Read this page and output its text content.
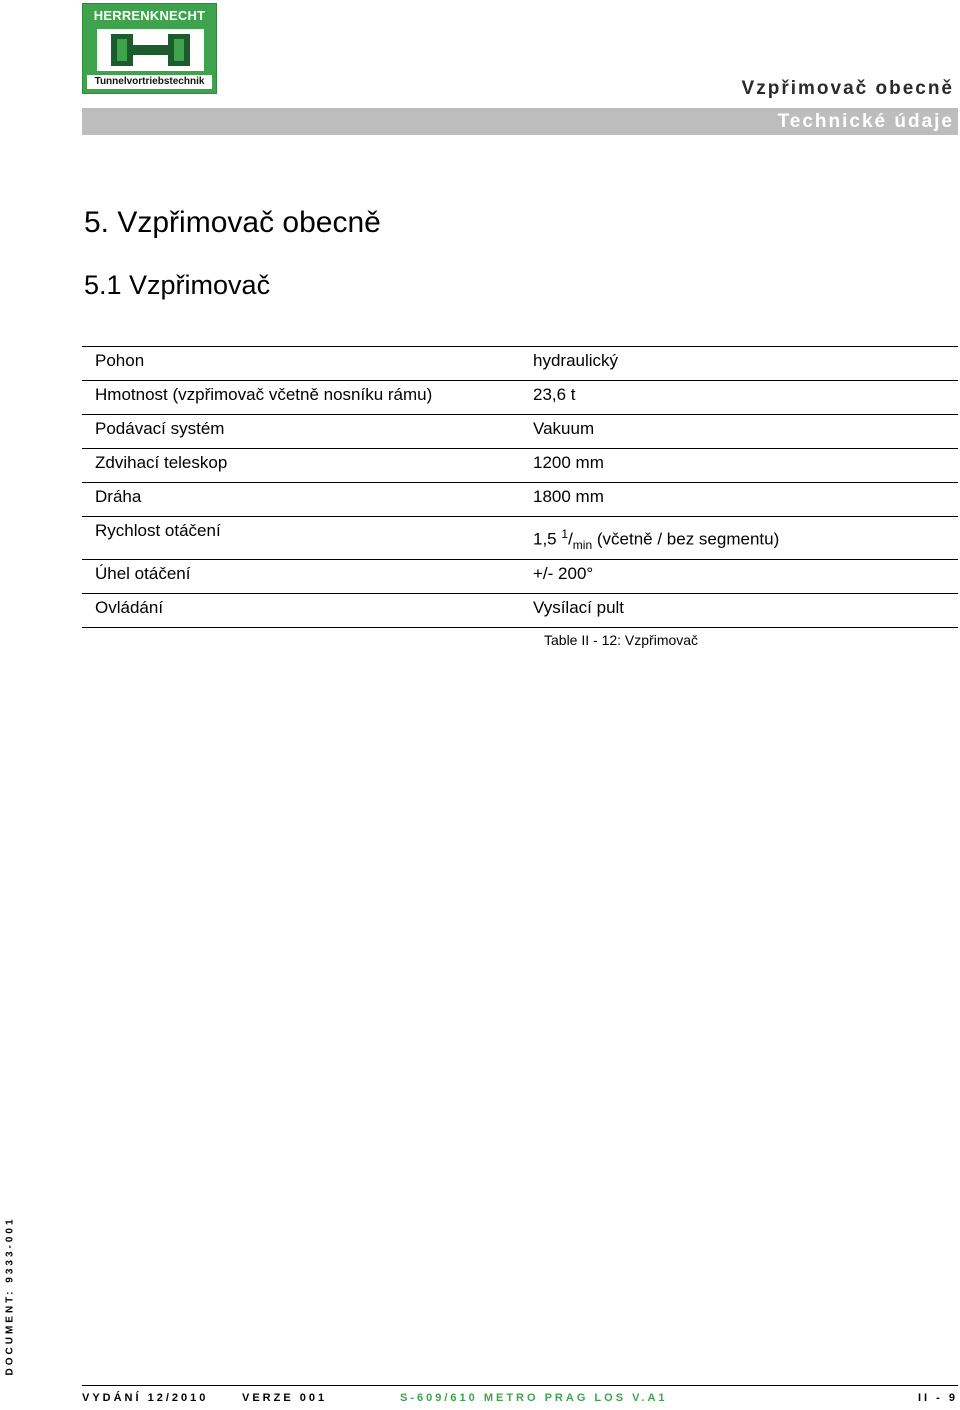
HERRENKNECHT
Tunnelvortriebstechnik	Vzpřimovač obecně
Technické údaje
5. Vzpřimovač obecně
5.1 Vzpřimovač
Pohon	hydraulický
Hmotnost (vzpřimovač včetně nosníku rámu)	23,6 t
Podávací systém	Vakuum
Zdvihací teleskop	1200 mm
Dráha	1800 mm
Rychlost otáčení	1,5 $^1/_{min}$ (včetně / bez segmentu)
Úhel otáčení	+/- 200°
Ovládání	Vysílací pult
Table II - 12: Vzpřimovač
DOCUMENT: 9333-001
VYDÁNÍ 12/2010	VERZE 001	S-609/610 METRO PRAG LOS V.A1	II - 9
